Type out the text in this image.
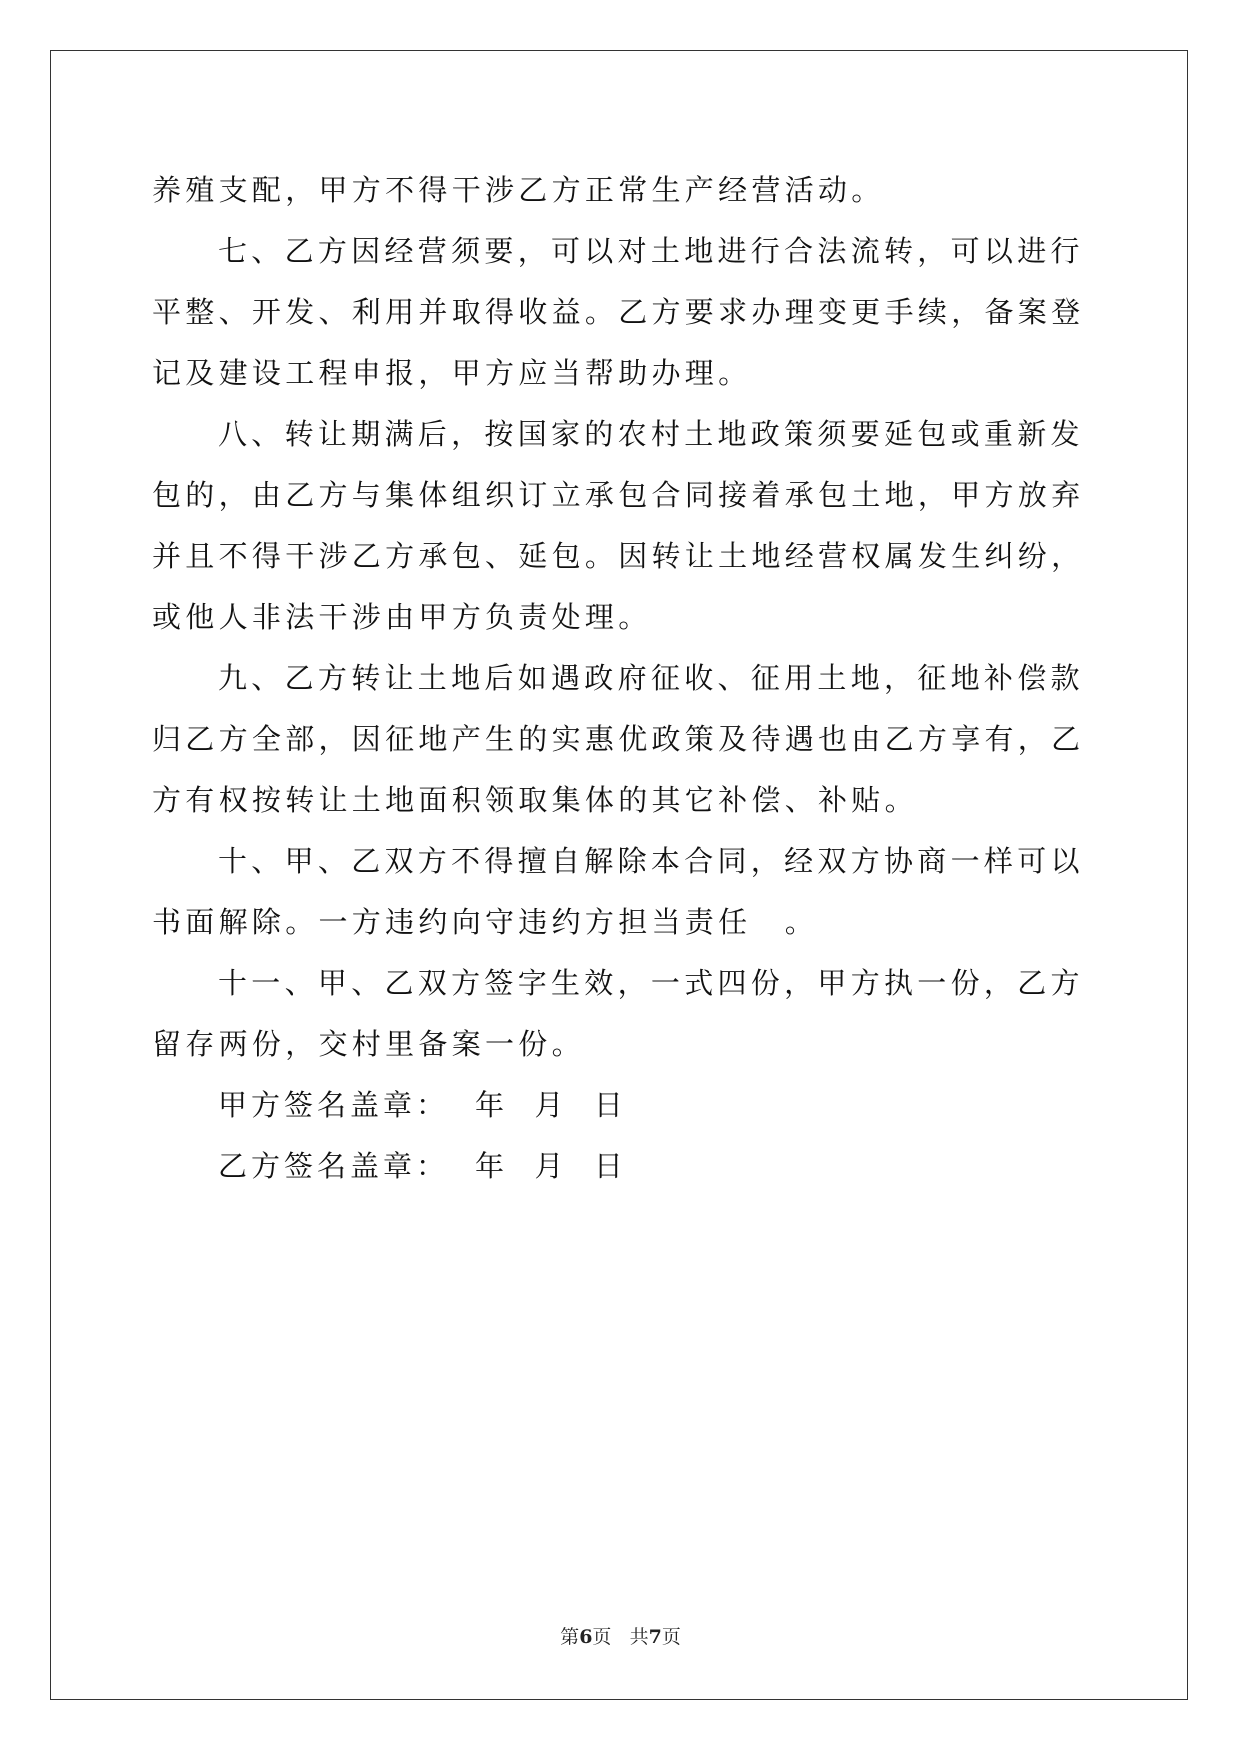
养殖支配，甲方不得干涉乙方正常生产经营活动。

七、乙方因经营须要，可以对土地进行合法流转，可以进行平整、开发、利用并取得收益。乙方要求办理变更手续，备案登记及建设工程申报，甲方应当帮助办理。

八、转让期满后，按国家的农村土地政策须要延包或重新发包的，由乙方与集体组织订立承包合同接着承包土地，甲方放弃并且不得干涉乙方承包、延包。因转让土地经营权属发生纠纷，或他人非法干涉由甲方负责处理。

九、乙方转让土地后如遇政府征收、征用土地，征地补偿款归乙方全部，因征地产生的实惠优政策及待遇也由乙方享有，乙方有权按转让土地面积领取集体的其它补偿、补贴。

十、甲、乙双方不得擅自解除本合同，经双方协商一样可以书面解除。一方违约向守违约方担当责任　。

十一、甲、乙双方签字生效，一式四份，甲方执一份，乙方留存两份，交村里备案一份。

甲方签名盖章： 年  月  日
乙方签名盖章： 年  月  日
第6页 共7页
